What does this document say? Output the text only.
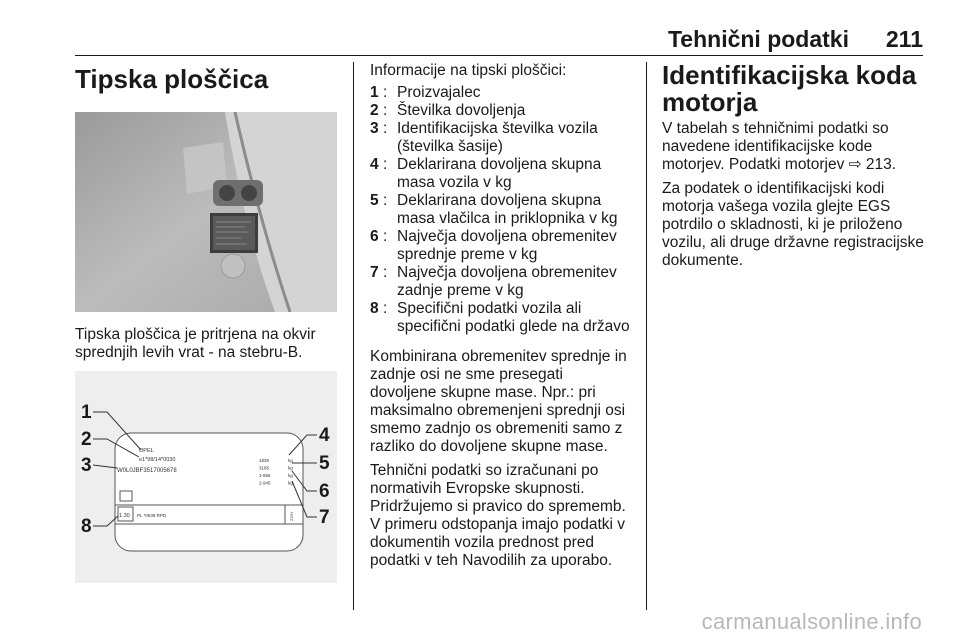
Tehnični podatki 211
Tipska ploščica

Tipska ploščica je pritrjena na okvir sprednjih levih vrat - na stebru-B.

OPEL
e1*98/14*0030
W0L0JBF3517005678
1835	kg
3185	kg
1-955	kg
2-945	kg
1.30 PL *0638 RPD	Z20Y
1
2
3
4
5
6
7
8

Informacije na tipski ploščici:

1 : Proizvajalec
2 : Številka dovoljenja
3 : Identifikacijska številka vozila (številka šasije)
4 : Deklarirana dovoljena skupna masa vozila v kg
5 : Deklarirana dovoljena skupna masa vlačilca in priklopnika v kg
6 : Največja dovoljena obremenitev sprednje preme v kg
7 : Največja dovoljena obremenitev zadnje preme v kg
8 : Specifični podatki vozila ali specifični podatki glede na državo

Kombinirana obremenitev sprednje in zadnje osi ne sme presegati dovoljene skupne mase. Npr.: pri maksimalno obremenjeni sprednji osi smemo zadnjo os obremeniti samo z razliko do dovoljene skupne mase.

Tehnični podatki so izračunani po normativih Evropske skupnosti. Pridržujemo si pravico do sprememb. V primeru odstopanja imajo podatki v dokumentih vozila prednost pred podatki v teh Navodilih za uporabo.

Identifikacijska koda motorja

V tabelah s tehničnimi podatki so navedene identifikacijske kode motorjev. Podatki motorjev ⇨ 213.

Za podatek o identifikacijski kodi motorja vašega vozila glejte EGS potrdilo o skladnosti, ki je priloženo vozilu, ali druge državne registracijske dokumente.

carmanualsonline.info
